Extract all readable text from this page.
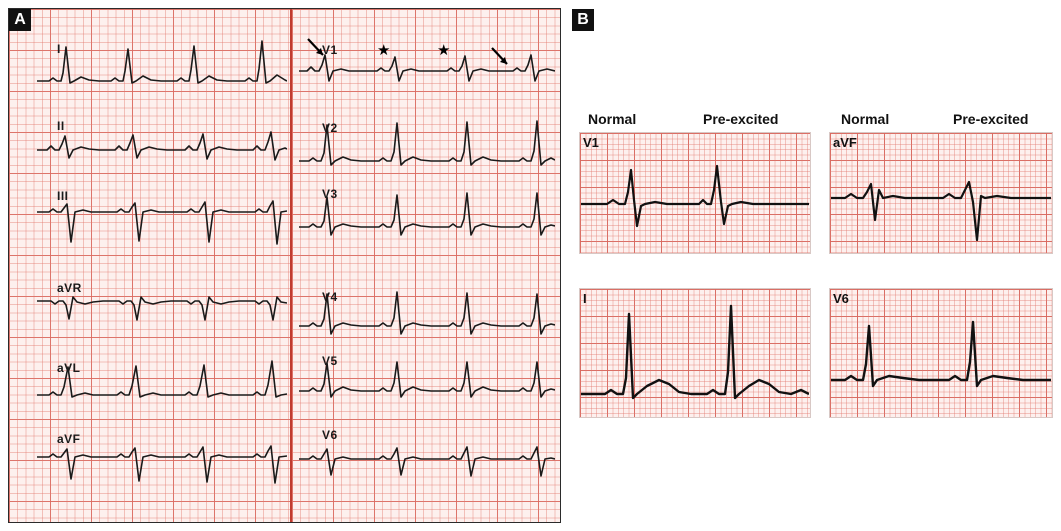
I
II
III
aVR
aVL
aVF
V1
V2
V3
V4
V5
V6
★	★
Normal	Pre-excited	Normal	Pre-excited
V1	aVF
I	V6
A	B
